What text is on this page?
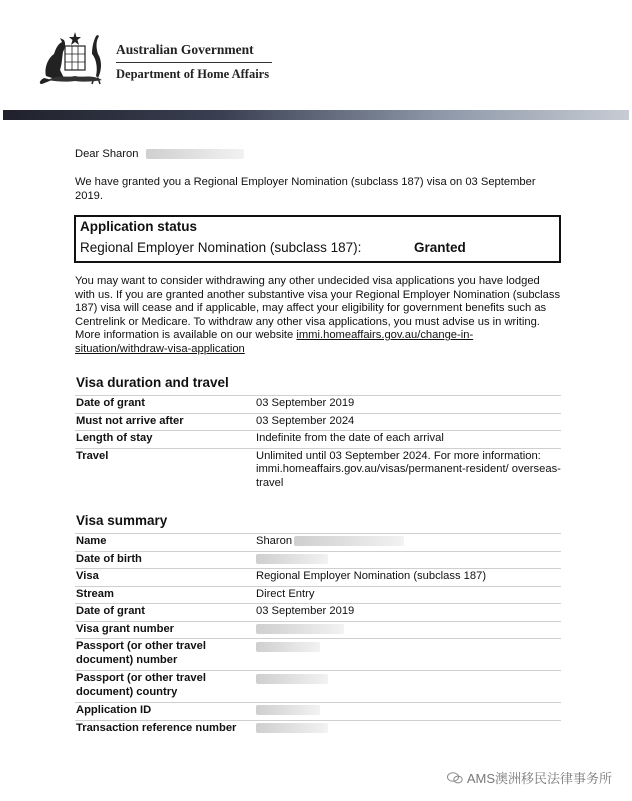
Australian Government
Department of Home Affairs
Dear Sharon
We have granted you a Regional Employer Nomination (subclass 187) visa on 03 September 2019.
Application status
Regional Employer Nomination (subclass 187):	Granted
You may want to consider withdrawing any other undecided visa applications you have lodged with us. If you are granted another substantive visa your Regional Employer Nomination (subclass 187) visa will cease and if applicable, may affect your eligibility for government benefits such as Centrelink or Medicare. To withdraw any other visa applications, you must advise us in writing. More information is available on our website immi.homeaffairs.gov.au/change-in-situation/withdraw-visa-application
Visa duration and travel
Date of grant	03 September 2019
Must not arrive after	03 September 2024
Length of stay	Indefinite from the date of each arrival
Travel	Unlimited until 03 September 2024. For more information: immi.homeaffairs.gov.au/visas/permanent-resident/ overseas-travel
Visa summary
Name	Sharon
Date of birth
Visa	Regional Employer Nomination (subclass 187)
Stream	Direct Entry
Date of grant	03 September 2019
Visa grant number
Passport (or other travel document) number
Passport (or other travel document) country
Application ID
Transaction reference number
AMS澳洲移民法律事务所
